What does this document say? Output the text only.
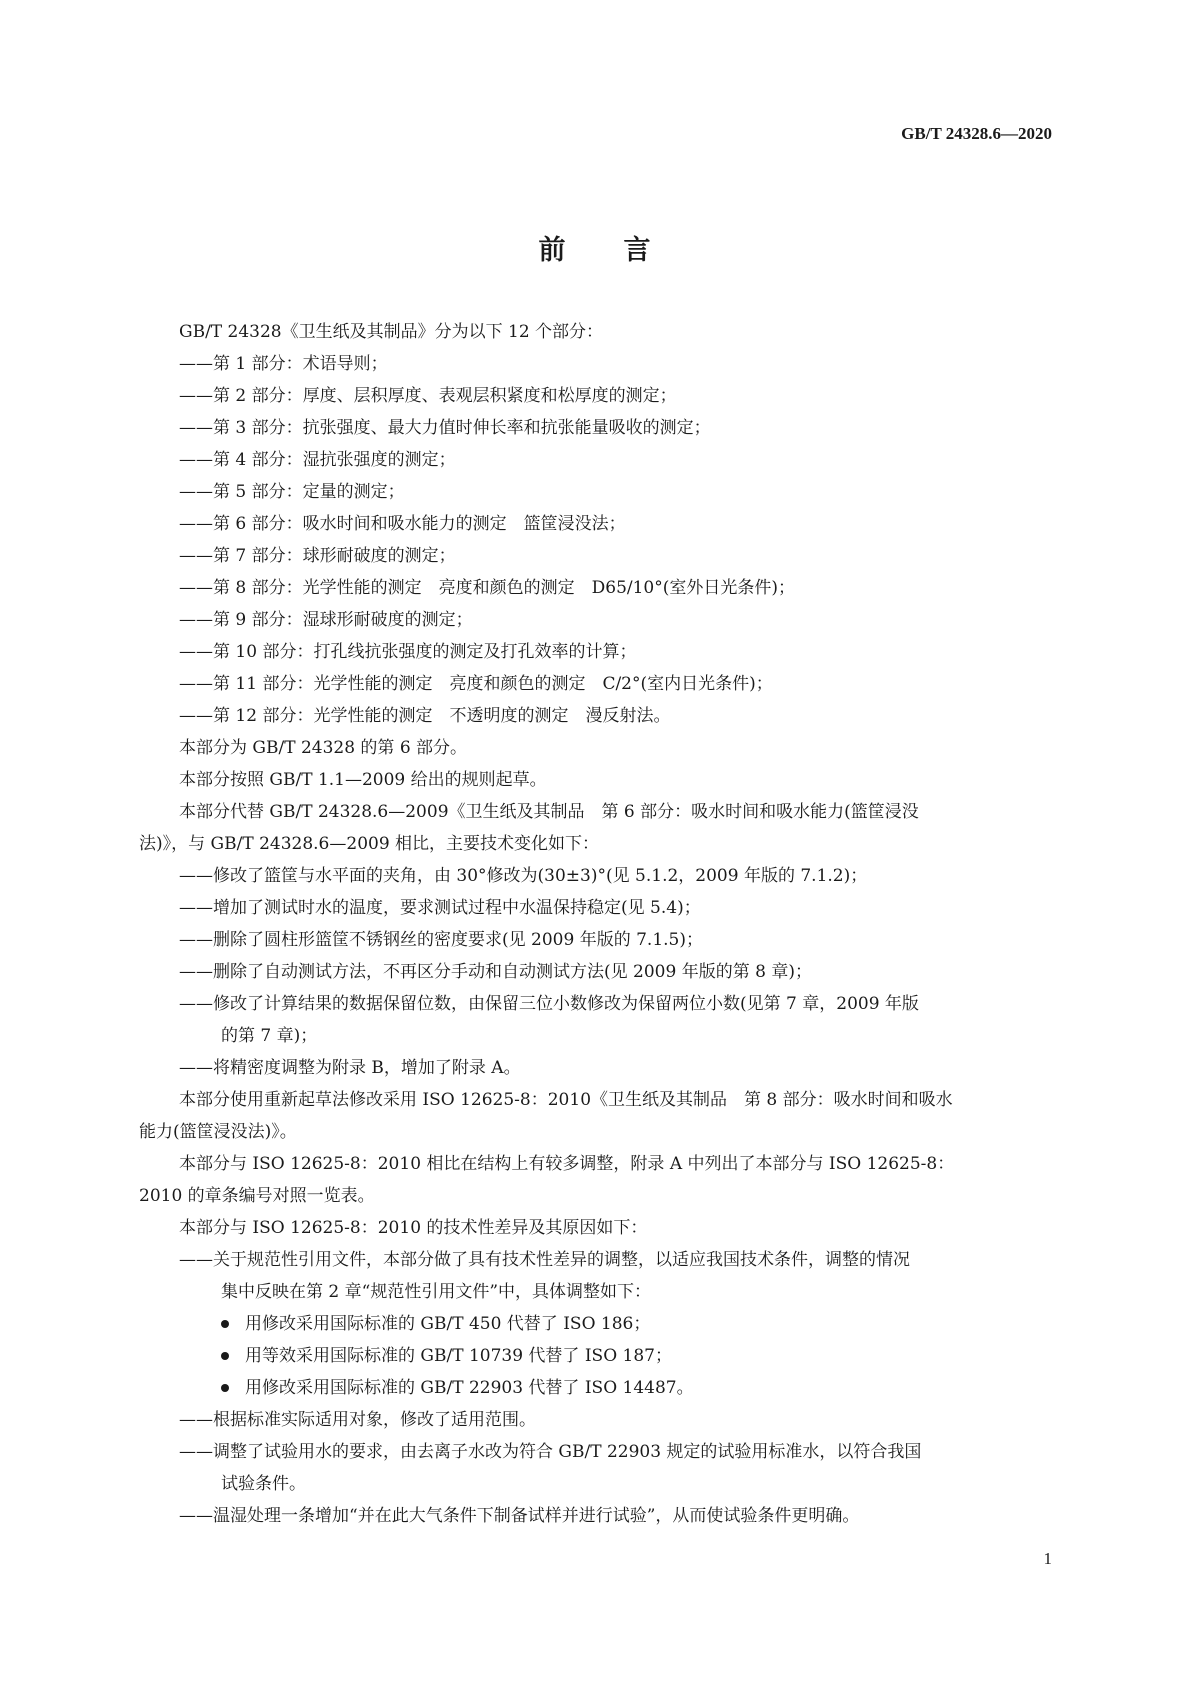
GB/T 24328.6—2020
前 言
GB/T 24328《卫生纸及其制品》分为以下 12 个部分：
——第 1 部分：术语导则；
——第 2 部分：厚度、层积厚度、表观层积紧度和松厚度的测定；
——第 3 部分：抗张强度、最大力值时伸长率和抗张能量吸收的测定；
——第 4 部分：湿抗张强度的测定；
——第 5 部分：定量的测定；
——第 6 部分：吸水时间和吸水能力的测定　篮筐浸没法；
——第 7 部分：球形耐破度的测定；
——第 8 部分：光学性能的测定　亮度和颜色的测定　D65/10°(室外日光条件)；
——第 9 部分：湿球形耐破度的测定；
——第 10 部分：打孔线抗张强度的测定及打孔效率的计算；
——第 11 部分：光学性能的测定　亮度和颜色的测定　C/2°(室内日光条件)；
——第 12 部分：光学性能的测定　不透明度的测定　漫反射法。
本部分为 GB/T 24328 的第 6 部分。
本部分按照 GB/T 1.1—2009 给出的规则起草。
本部分代替 GB/T 24328.6—2009《卫生纸及其制品　第 6 部分：吸水时间和吸水能力(篮筐浸没
法)》，与 GB/T 24328.6—2009 相比，主要技术变化如下：
——修改了篮筐与水平面的夹角，由 30°修改为(30±3)°(见 5.1.2，2009 年版的 7.1.2)；
——增加了测试时水的温度，要求测试过程中水温保持稳定(见 5.4)；
——删除了圆柱形篮筐不锈钢丝的密度要求(见 2009 年版的 7.1.5)；
——删除了自动测试方法，不再区分手动和自动测试方法(见 2009 年版的第 8 章)；
——修改了计算结果的数据保留位数，由保留三位小数修改为保留两位小数(见第 7 章，2009 年版
的第 7 章)；
——将精密度调整为附录 B，增加了附录 A。
本部分使用重新起草法修改采用 ISO 12625-8：2010《卫生纸及其制品　第 8 部分：吸水时间和吸水
能力(篮筐浸没法)》。
本部分与 ISO 12625-8：2010 相比在结构上有较多调整，附录 A 中列出了本部分与 ISO 12625-8：
2010 的章条编号对照一览表。
本部分与 ISO 12625-8：2010 的技术性差异及其原因如下：
——关于规范性引用文件，本部分做了具有技术性差异的调整，以适应我国技术条件，调整的情况
集中反映在第 2 章“规范性引用文件”中，具体调整如下：
用修改采用国际标准的 GB/T 450 代替了 ISO 186；
用等效采用国际标准的 GB/T 10739 代替了 ISO 187；
用修改采用国际标准的 GB/T 22903 代替了 ISO 14487。
——根据标准实际适用对象，修改了适用范围。
——调整了试验用水的要求，由去离子水改为符合 GB/T 22903 规定的试验用标准水，以符合我国
试验条件。
——温湿处理一条增加“并在此大气条件下制备试样并进行试验”，从而使试验条件更明确。
1
